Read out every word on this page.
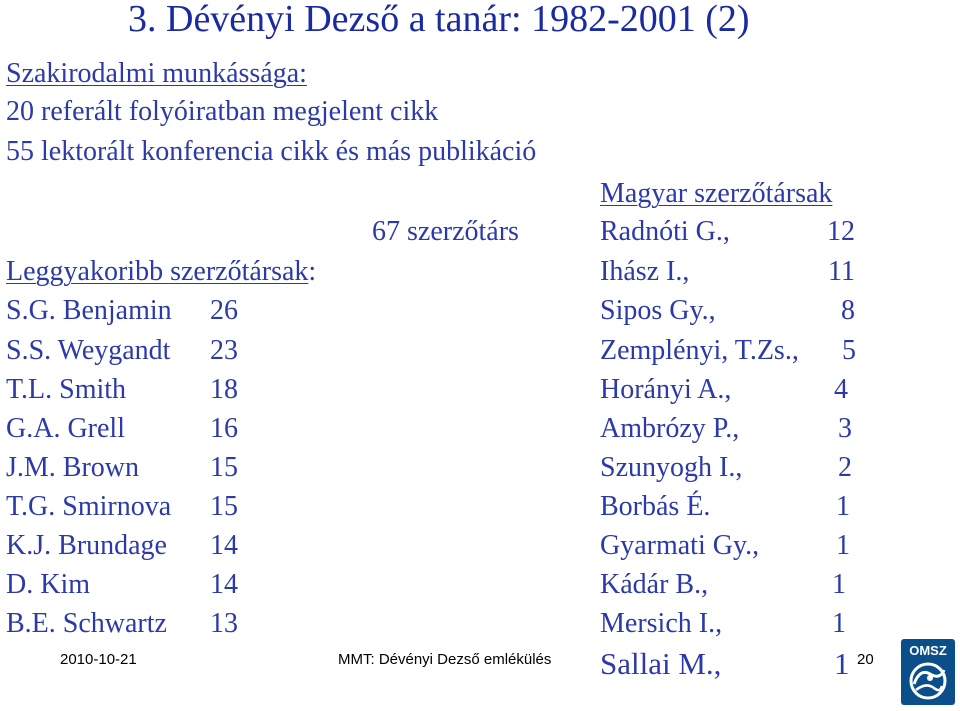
3. Dévényi Dezső a tanár: 1982-2001 (2)
Szakirodalmi munkássága:
20 referált folyóiratban megjelent cikk
55 lektorált konferencia cikk és más publikáció
67 szerzőtárs
Leggyakoribb szerzőtársak:
S.G. Benjamin 26
S.S. Weygandt 23
T.L. Smith	18
G.A. Grell	16
J.M. Brown	15
T.G. Smirnova 15
K.J. Brundage 14
D. Kim	14
B.E. Schwartz 13
Magyar szerzőtársak
Radnóti G.,	12
Ihász I.,	11
Sipos Gy.,	8
Zemplényi, T.Zs., 5
Horányi A.,	4
Ambrózy P.,	3
Szunyogh I.,	2
Borbás É.	1
Gyarmati Gy.,	1
Kádár B.,	1
Mersich I.,	1
Sallai M.,	1
2010-10-21	MMT: Dévényi Dezső emlékülés	20
OMSZ
